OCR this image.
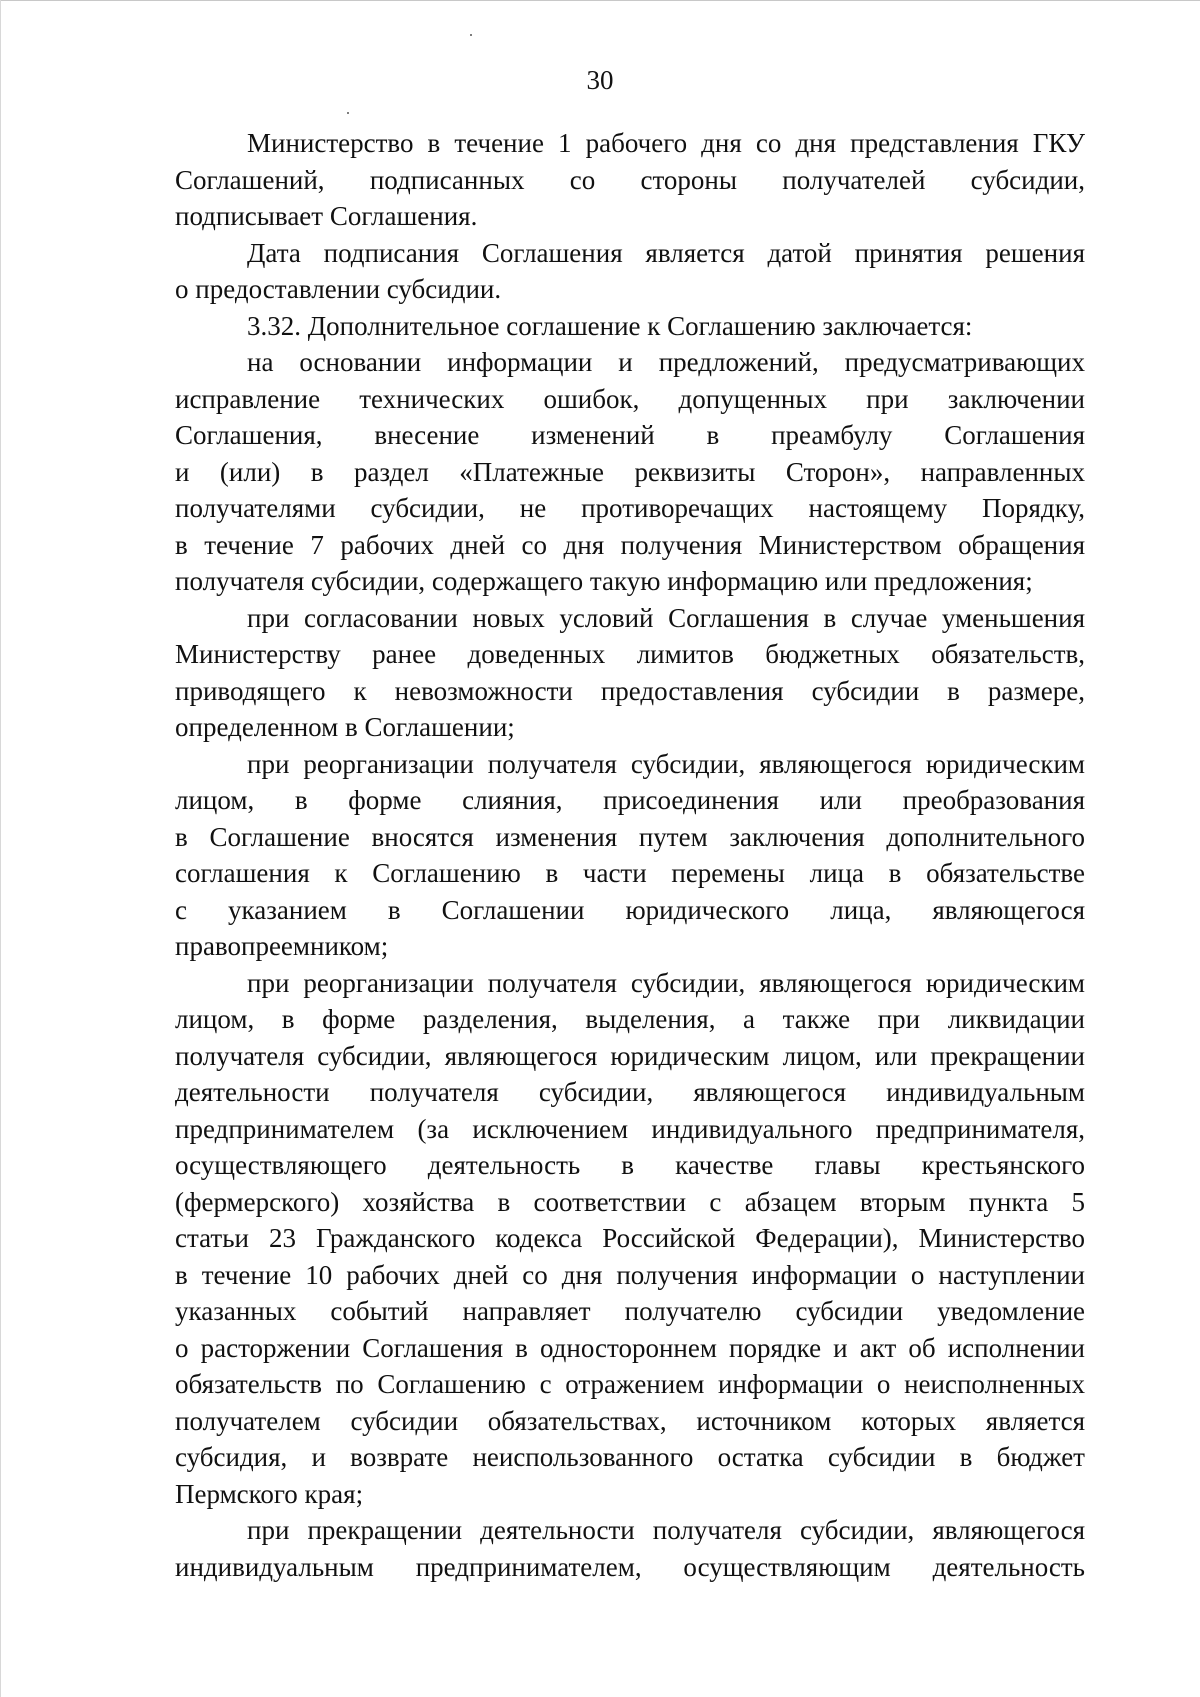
30
Министерство в течение 1 рабочего дня со дня представления ГКУ
Соглашений, подписанных со стороны получателей субсидии,
подписывает Соглашения.
Дата подписания Соглашения является датой принятия решения
о предоставлении субсидии.
3.32. Дополнительное соглашение к Соглашению заключается:
на основании информации и предложений, предусматривающих
исправление технических ошибок, допущенных при заключении
Соглашения, внесение изменений в преамбулу Соглашения
и (или) в раздел «Платежные реквизиты Сторон», направленных
получателями субсидии, не противоречащих настоящему Порядку,
в течение 7 рабочих дней со дня получения Министерством обращения
получателя субсидии, содержащего такую информацию или предложения;
при согласовании новых условий Соглашения в случае уменьшения
Министерству ранее доведенных лимитов бюджетных обязательств,
приводящего к невозможности предоставления субсидии в размере,
определенном в Соглашении;
при реорганизации получателя субсидии, являющегося юридическим
лицом, в форме слияния, присоединения или преобразования
в Соглашение вносятся изменения путем заключения дополнительного
соглашения к Соглашению в части перемены лица в обязательстве
с указанием в Соглашении юридического лица, являющегося
правопреемником;
при реорганизации получателя субсидии, являющегося юридическим
лицом, в форме разделения, выделения, а также при ликвидации
получателя субсидии, являющегося юридическим лицом, или прекращении
деятельности получателя субсидии, являющегося индивидуальным
предпринимателем (за исключением индивидуального предпринимателя,
осуществляющего деятельность в качестве главы крестьянского
(фермерского) хозяйства в соответствии с абзацем вторым пункта 5
статьи 23 Гражданского кодекса Российской Федерации), Министерство
в течение 10 рабочих дней со дня получения информации о наступлении
указанных событий направляет получателю субсидии уведомление
о расторжении Соглашения в одностороннем порядке и акт об исполнении
обязательств по Соглашению с отражением информации о неисполненных
получателем субсидии обязательствах, источником которых является
субсидия, и возврате неиспользованного остатка субсидии в бюджет
Пермского края;
при прекращении деятельности получателя субсидии, являющегося
индивидуальным предпринимателем, осуществляющим деятельность
